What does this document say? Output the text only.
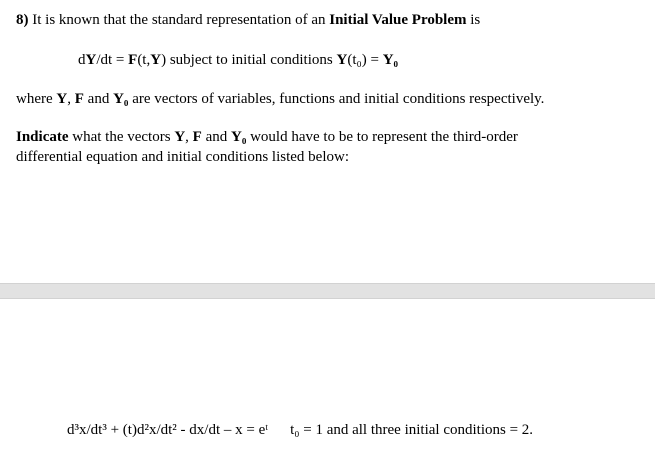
8) It is known that the standard representation of an Initial Value Problem is
dY/dt = F(t,Y) subject to initial conditions Y(t₀) = Y₀
where Y, F and Y₀ are vectors of variables, functions and initial conditions respectively.
Indicate what the vectors Y, F and Y₀ would have to be to represent the third-order
differential equation and initial conditions listed below:
d³x/dt³ + (t)d²x/dt² - dx/dt – x = eᵗ t₀ = 1 and all three initial conditions = 2.
